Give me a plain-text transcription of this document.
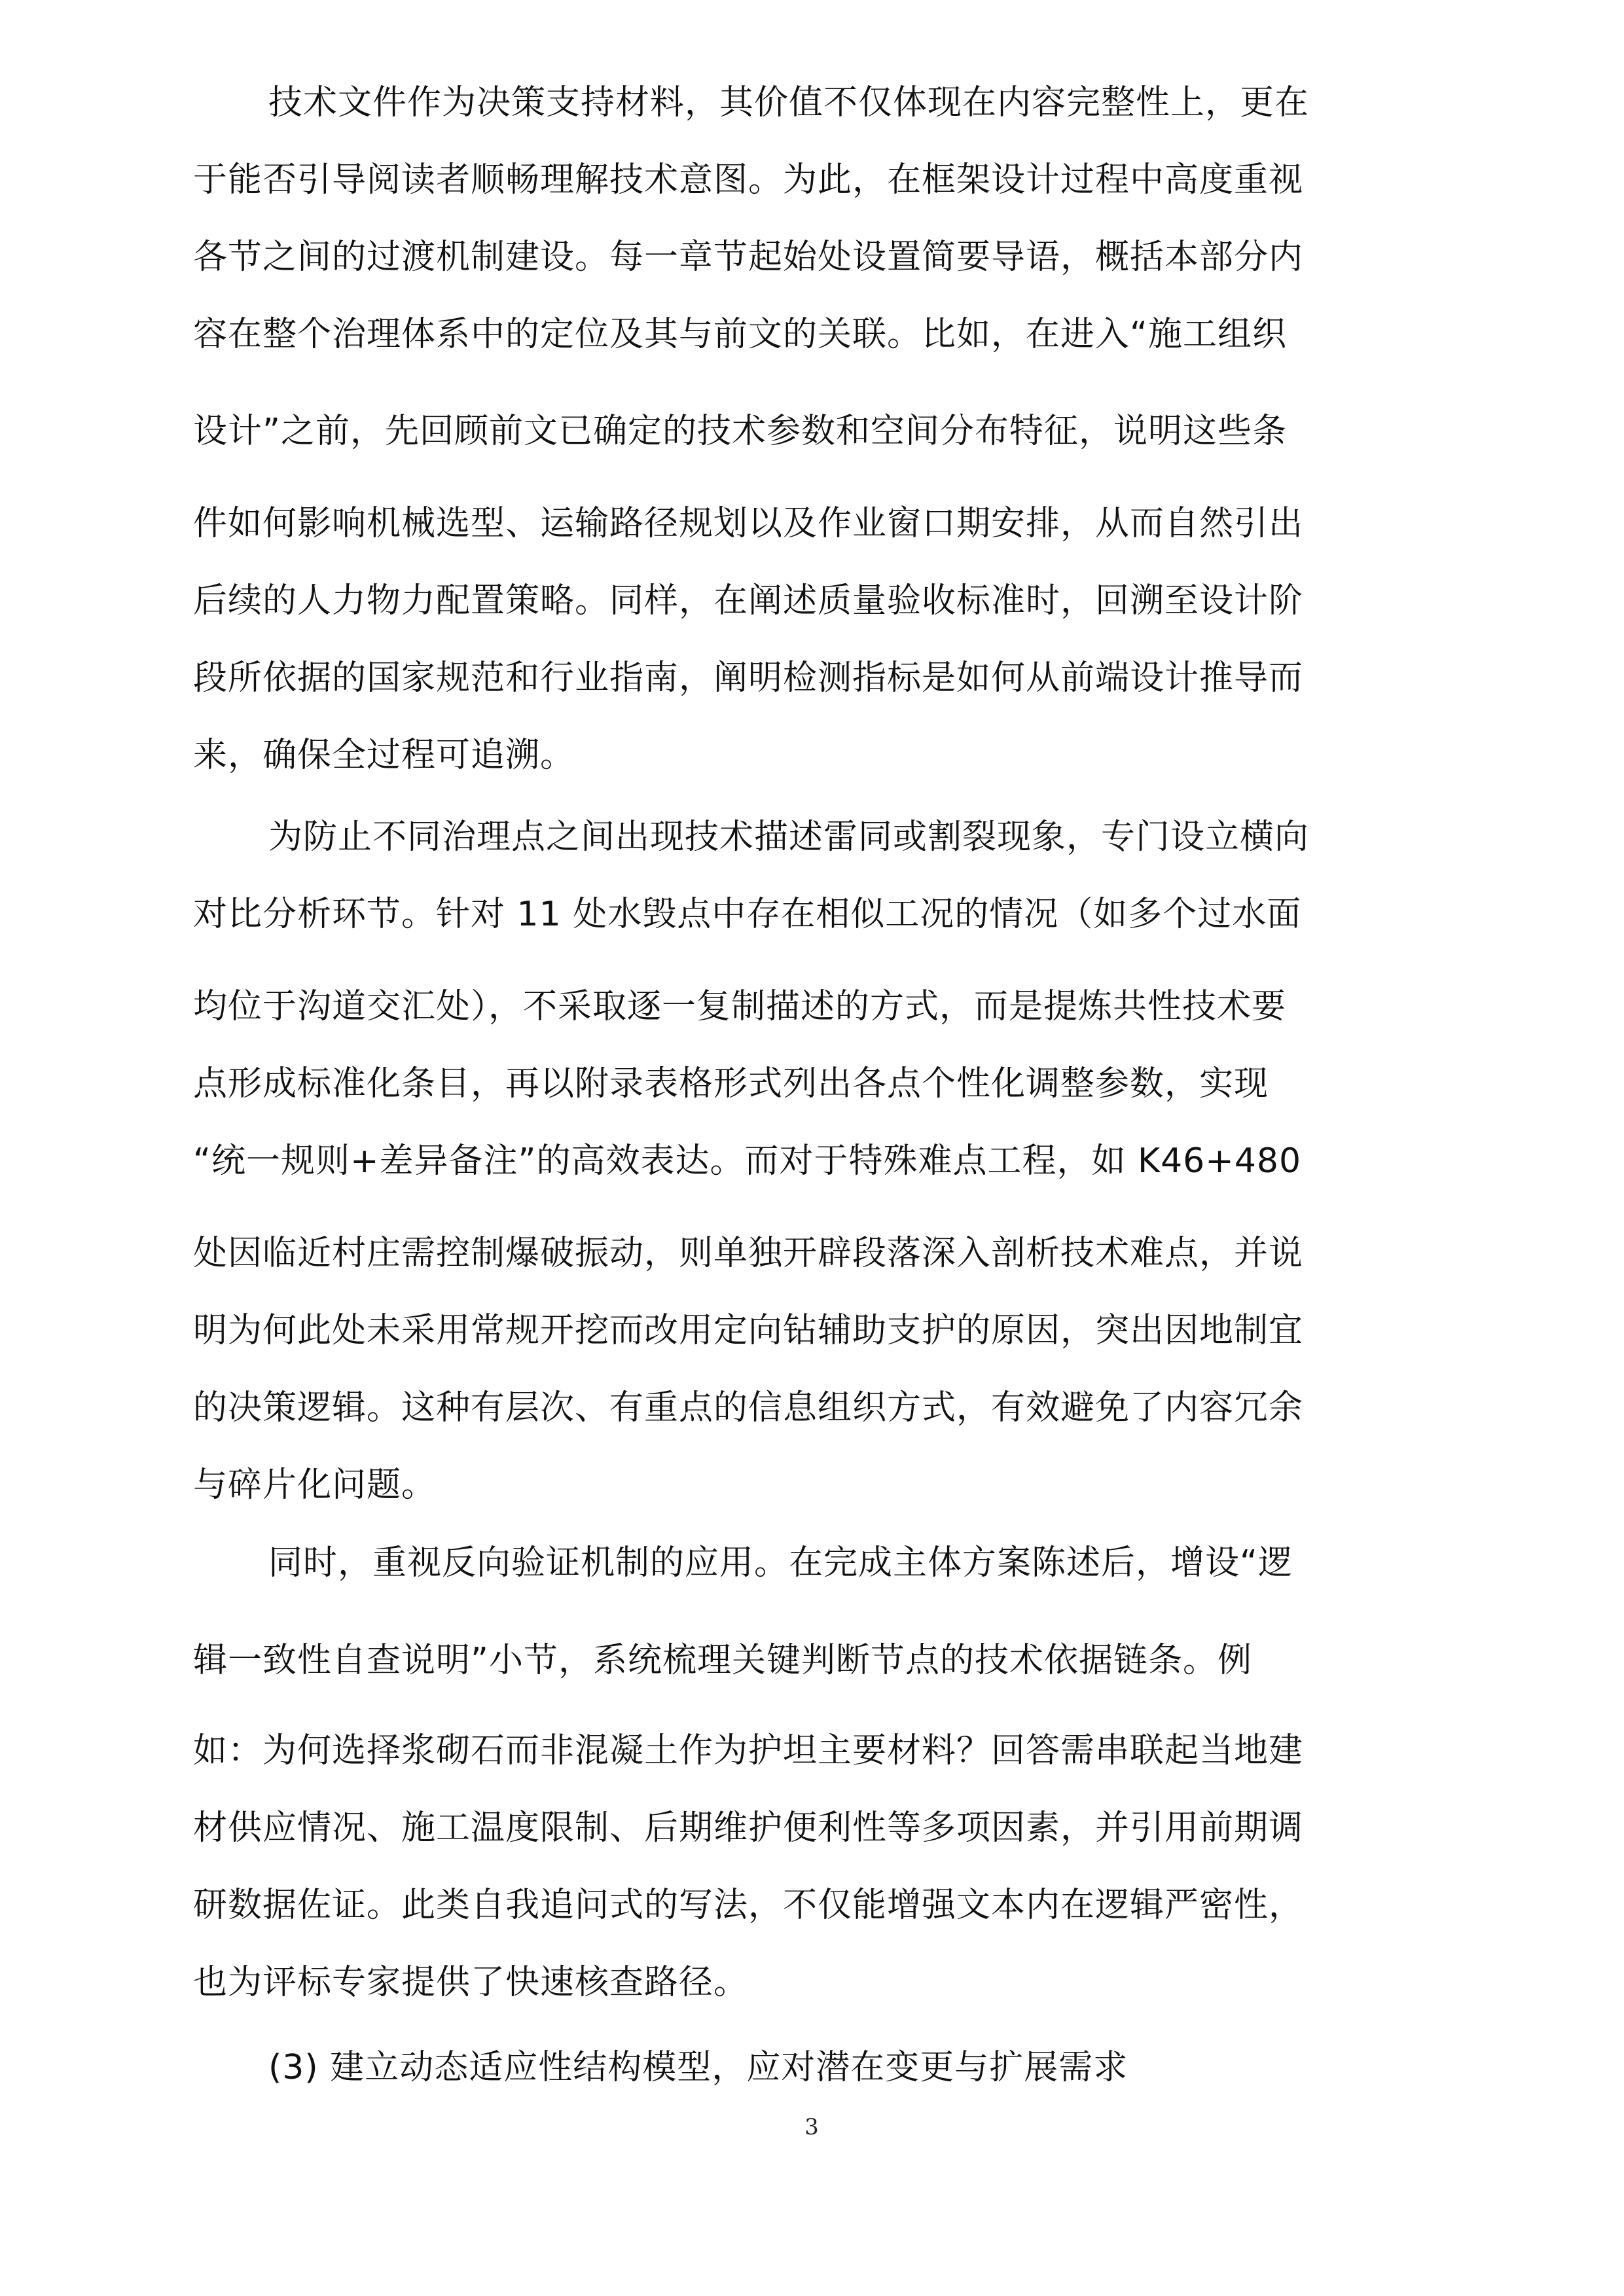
技术文件作为决策支持材料，其价值不仅体现在内容完整性上，更在
于能否引导阅读者顺畅理解技术意图。为此，在框架设计过程中高度重视
各节之间的过渡机制建设。每一章节起始处设置简要导语，概括本部分内
容在整个治理体系中的定位及其与前文的关联。比如，在进入“施工组织
设计”之前，先回顾前文已确定的技术参数和空间分布特征，说明这些条
件如何影响机械选型、运输路径规划以及作业窗口期安排，从而自然引出
后续的人力物力配置策略。同样，在阐述质量验收标准时，回溯至设计阶
段所依据的国家规范和行业指南，阐明检测指标是如何从前端设计推导而
来，确保全过程可追溯。
为防止不同治理点之间出现技术描述雷同或割裂现象，专门设立横向
对比分析环节。针对 11 处水毁点中存在相似工况的情况（如多个过水面
均位于沟道交汇处），不采取逐一复制描述的方式，而是提炼共性技术要
点形成标准化条目，再以附录表格形式列出各点个性化调整参数，实现
“统一规则+差异备注”的高效表达。而对于特殊难点工程，如 K46+480
处因临近村庄需控制爆破振动，则单独开辟段落深入剖析技术难点，并说
明为何此处未采用常规开挖而改用定向钻辅助支护的原因，突出因地制宜
的决策逻辑。这种有层次、有重点的信息组织方式，有效避免了内容冗余
与碎片化问题。
同时，重视反向验证机制的应用。在完成主体方案陈述后，增设“逻
辑一致性自查说明”小节，系统梳理关键判断节点的技术依据链条。例
如：为何选择浆砌石而非混凝土作为护坦主要材料？回答需串联起当地建
材供应情况、施工温度限制、后期维护便利性等多项因素，并引用前期调
研数据佐证。此类自我追问式的写法，不仅能增强文本内在逻辑严密性，
也为评标专家提供了快速核查路径。
(3) 建立动态适应性结构模型，应对潜在变更与扩展需求
3
